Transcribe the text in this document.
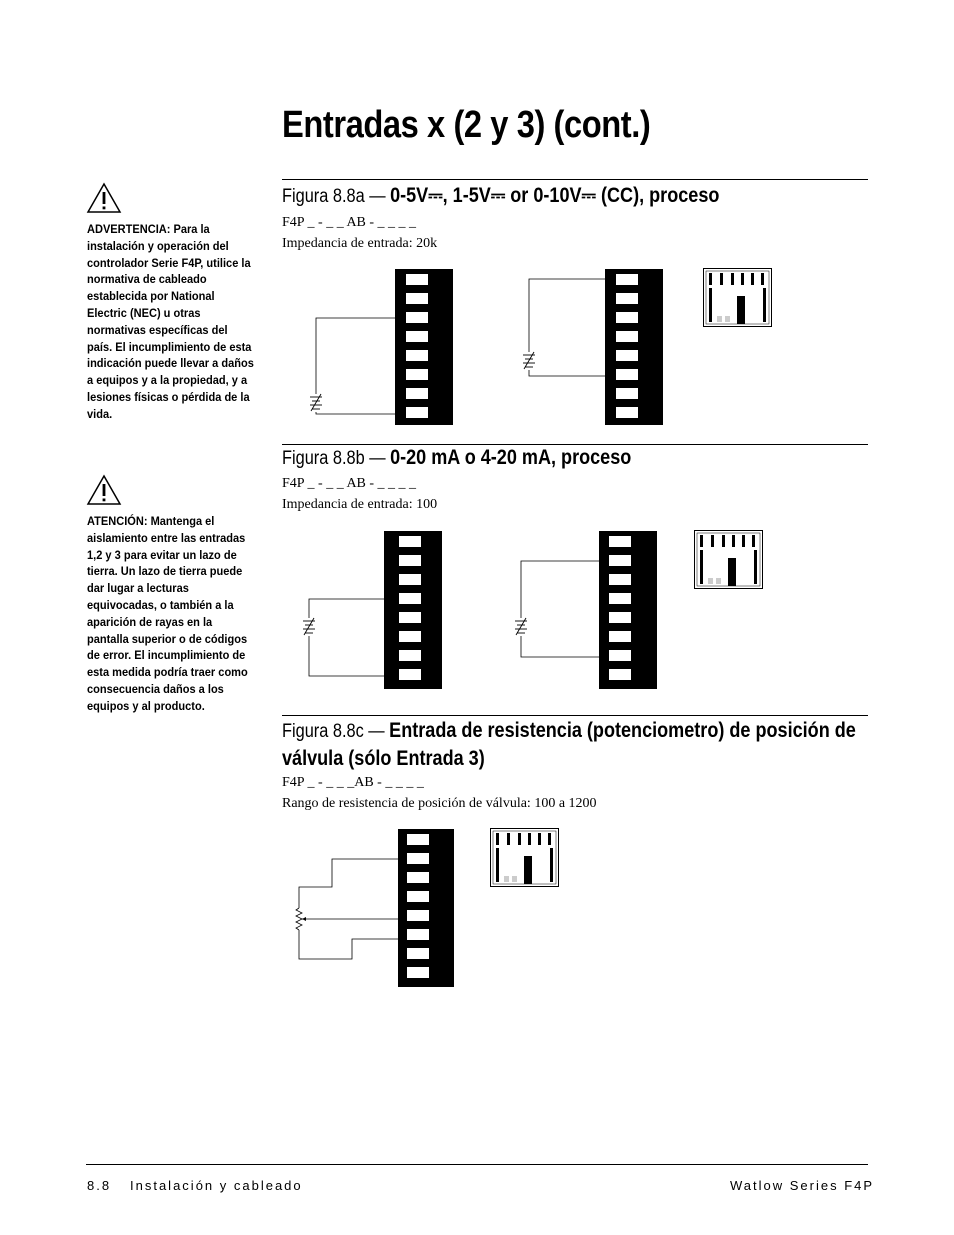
Entradas x (2 y 3) (cont.)
ADVERTENCIA: Para la instalación y operación del controlador Serie F4P, utilice la normativa de cableado establecida por National Electric (NEC) u otras normativas específicas del país. El incumplimiento de esta indicación puede llevar a daños a equipos y a la propiedad, y a lesiones físicas o pérdida de la vida.
ATENCIÓN: Mantenga el aislamiento entre las entradas 1,2 y 3 para evitar un lazo de tierra. Un lazo de tierra puede dar lugar a lecturas equivocadas, o también a la aparición de rayas en la pantalla superior o de códigos de error. El incumplimiento de esta medida podría traer como consecuencia daños a los equipos y al producto.
Figura 8.8a — 0-5V⎓, 1-5V⎓ or 0-10V⎓ (CC), proceso
F4P _ - _ _ AB - _ _ _ _
Impedancia de entrada: 20k
Figura 8.8b — 0-20 mA o 4-20 mA, proceso
F4P _ - _ _ AB - _ _ _ _
Impedancia de entrada: 100
Figura 8.8c — Entrada de resistencia (potenciometro) de posición de válvula (sólo Entrada 3)
F4P _ - _ _ _AB - _ _ _ _
Rango de resistencia de posición de válvula: 100 a 1200
8.8 Instalación y cableado	Watlow Series F4P
